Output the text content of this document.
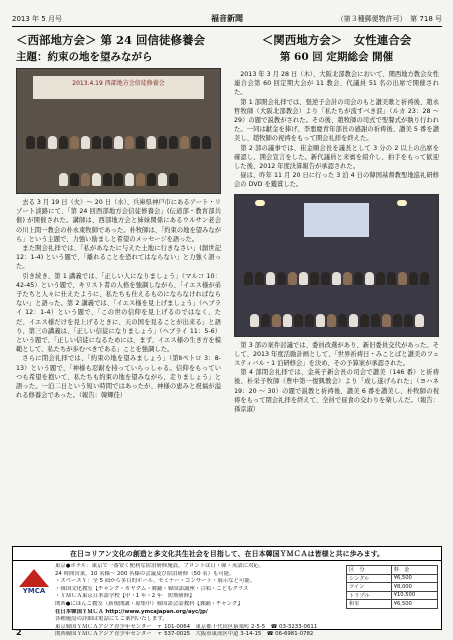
2013 年 5 月号	福音新聞	（第３種郵便物許可）　第 718 号
＜西部地方会＞ 第 24 回信徒修養会
主題：約束の地を望みながら
2013.4.19 西部地方会信徒修養会

去る 3 月 19 日（火）〜 20 日（水）、兵庫県神戸市にあるアート・リゾート淡路にて、「第 24 回西部地方会信徒修養会」(伝道部・教育部共催) が開催された。講師は、西部地方会と姉妹関係にあるウルサン老会の川上間一教会の朴永東牧師であった。朴牧師は、「約束の地を望みながら」という主題で、力強い励ましと希望のメッセージを語った。

また開会礼拝では、「私があなたに与えた土地に行きなさい」(創世記 12：1-4) という題で、「離れることを恐れてはならない」と力強く語った。

引き続き、第 1 講義では、「正しい人になりましょう」（マルコ 10：42-45）という題で、キリスト者の人格を強調しながら、「イエス様が弟子たちと人々に仕えたように、私たちも仕えるものにならなければならない」と語った。第 2 講義では、「イエス様を見上げましょう」（ヘブライ 12：1-4）という題で、「この世の信仰を見上げるのではなく、ただ、イエス様だけを見上げるときに、天の国を見ることが出来る」と語り、第三の講義は、「正しい信徒になりましょう」（ヘブライ 11：5-6）という題で、「正しい信徒になるためには、まず、イエス様の生き方を模範として、私たちが歩むべきである」ことを強調した。

さらに閉会礼拝では、「約束の地を望みましょう」（第Ⅱペトロ 3：8-13）という題で、「神様も忍耐を持っていらっしゃる。信仰をもっていつも希望を抱いて、私たちも約束の地を望みながら、走りましょう」と語った。一泊二日という短い時間ではあったが、神様の恵みと祝福が溢れる修養会であった。（報告：韓輝佳）

＜関西地方会＞　女性連合会
第 60 回 定期総会 開催

2013 年 3 月 28 日（木）、大阪北部教会において、関西地方教会女性連合会第 60 回定期大会が 11 教会、代議員 51 名の出席で開催された。

第 1 部開会礼拝では、張逆子会計の司会のもと讃美歌と祈祷後、趙永哲牧師（大阪北部教会）より「私たちが流すべき涙」（ルカ 23：28 〜 29）の題で説教がされた。その後、趙牧師の司式で聖餐式が執り行われた。一同は献金を捧げ、李悪慶青年部長の感謝の祈祷後、讃美 5 番を讃美し、趙牧師の祝祷をもって開会礼拝を終えた。

第 2 部の議事では、崔金順会長を議長として 3 分の 2 以上の出席を確認し、開会宣言をした。新代議員と来賓を紹介し、拍手をもって歓迎した後、2012 年度決算報告が承認された。

昼は、昨年 11 月 20 日に行った 3 泊 4 日の韓国基督教聖地巡礼研修会の DVD を鑑賞した。

第 3 部の案件討議では、委員改選があり、新旧委員交代があった。そして、2013 年度活動計画として、「世界祈祷日・みことばと讃美のフェスティバル・1 泊研修会」を決め、その予算案が承認された。

第 4 部閉会礼拝では、金英子新会長の司会で讃美（146 番）と祈祷後、朴栄子牧師（豊中第一復興教会）より「成し遂げられた」（ヨハネ 19：20 〜 30）の題で説教と祈祷後、讃美 6 番を讃美し、朴牧師の祝祷をもって閉会礼拝を終えて、全員で昼食の交わりを楽しんだ。（報告：孫京淑）

在日コリアン文化の創造と多文化共生社会を目指して、在日本韓国ＹＭＣＡは皆様と共に歩みます。
YMCA
東京●ホテル：東京で一番安く便利な宿泊研修施設。フロントは日・韓・英語に対応。
24 時間営業。10 名様〜 200 名様の会議及び宿泊研修（50 名）も可能。
・スペースＹ：全 5 面から多目的ホール。セミナー・コンサート・展示など可能。
・韓国文化教室【チャング・カヤグム・舞踊・韓国語講座・合唱・こどもクラス
・ＹＭＣＡ東京日本語学校【中・1 年・2 年　短期研修】
関西●にほんご教室（新規開講・募集中）韓国語会話教科【舞踊・チャング】
在日本韓国ＹＭＣＡ http://www.ymcajapan.org/ayc/jp/
各種施設の詳細は電話にてご案内いたします。
東京韓国ＹＭＣＡアジア青少年センター　〒 101-0064　東京都千代田区猿楽町 2-5-5　☎ 03-3233-0611
関西韓国ＹＭＣＡアジア青少年センター　〒 537-0025　大阪市東成区中道 3-14-15　☎ 06-6981-0782
区　分	料　金
シングル	¥6,500
ツイン	¥8,000
トリプル	¥10,500
和室	¥6,500
2
